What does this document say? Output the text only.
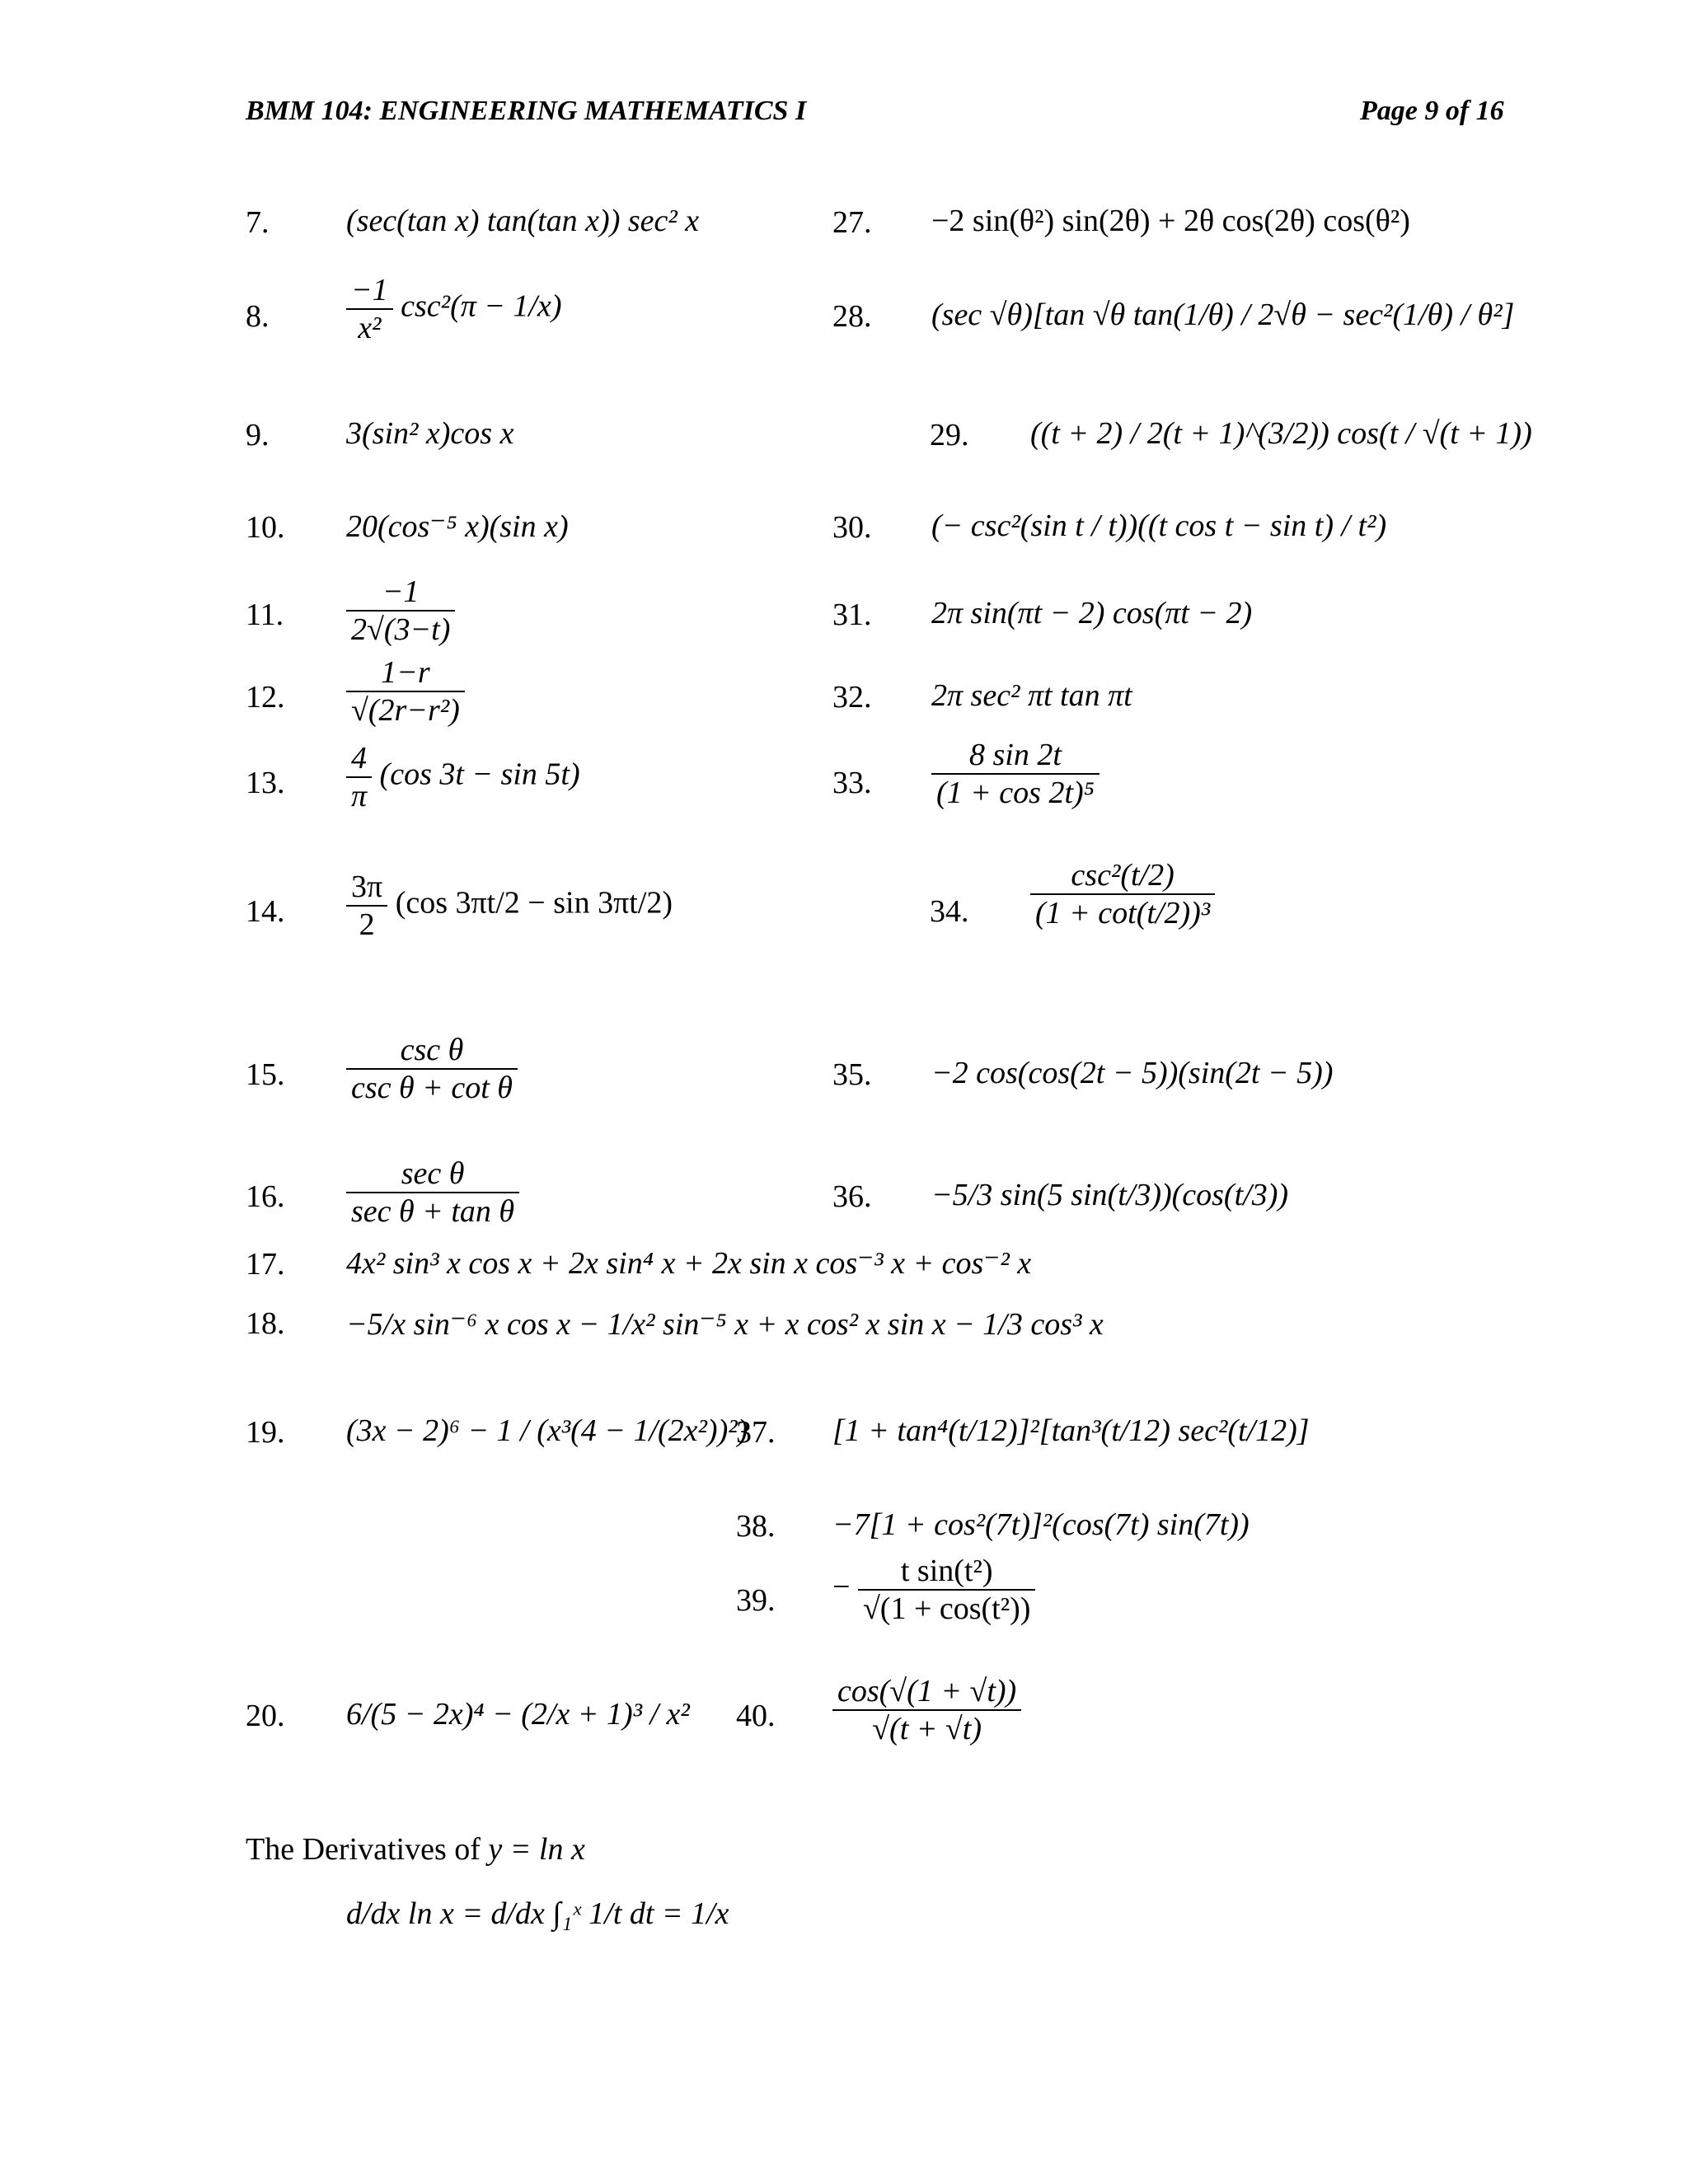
BMM 104: ENGINEERING MATHEMATICS I	Page 9 of 16
7.
8.
9.
10.
11.
12.
13.
14.
15.
16.
17.
18.
19.
20.
27.
28.
29.
30.
31.
32.
33.
34.
35.
36.
37.
38.
39.
40.
(sec(tan x) tan(tan x)) sec² x
$\frac{-1}{\text{x²}} \csc^2(\pi - 1/x)$
3(sin² x)cos x
20(cos⁻⁵ x)(sin x)
$\frac{-1}{2√(3-t)}$
$\frac{1-r}{\text{√(2r−r²)}}$
$\frac{4}{\pi} (\cos$ 3t − sin 5t)
$\frac{3\pi}{2} (\cos$ 3πt/2 − sin 3πt/2)
$\frac{\text{csc θ}}{\text{csc θ + cot θ}}$
$\frac{\text{sec θ}}{\text{sec θ + tan θ}}$
4x² sin³ x cos x + 2x sin⁴ x + 2x sin x cos⁻³ x + cos⁻² x
−5/x sin⁻⁶ x cos x − 1/x² sin⁻⁵ x + x cos² x sin x − 1/3 cos³ x
(3x − 2)⁶ − 1 / (x³(4 − 1/(2x²))²)
6/(5 − 2x)⁴ − (2/x + 1)³ / x²
−2 sin(θ²) sin(2θ) + 2θ cos(2θ) cos(θ²)
(sec √θ)[tan √θ tan(1/θ) / 2√θ − sec²(1/θ) / θ²]
((t + 2) / 2(t + 1)^(3/2)) cos(t / √(t + 1))
(− csc²(sin t / t))((t cos t − sin t) / t²)
2π sin(πt − 2) cos(πt − 2)
2π sec² πt tan πt
$\frac{8 \sin 2t}{\text{(1 + cos 2t)⁵}}$
$\frac{\text{csc²(t/2)}}{\text{(1 + cot(t/2))³}}$
−2 cos(cos(2t − 5))(sin(2t − 5))
−5/3 sin(5 sin(t/3))(cos(t/3))
[1 + tan⁴(t/12)]²[tan³(t/12) sec²(t/12)]
−7[1 + cos²(7t)]²(cos(7t) sin(7t))
− $\frac{\text{t sin(t²)}}{\text{√(1 + cos(t²))}}$
$\frac{\cos(√(1 + √t))}{√(t + √t)}$
The Derivatives of y = ln x
d/dx ln x = d/dx ∫₁ˣ 1/t dt = 1/x
